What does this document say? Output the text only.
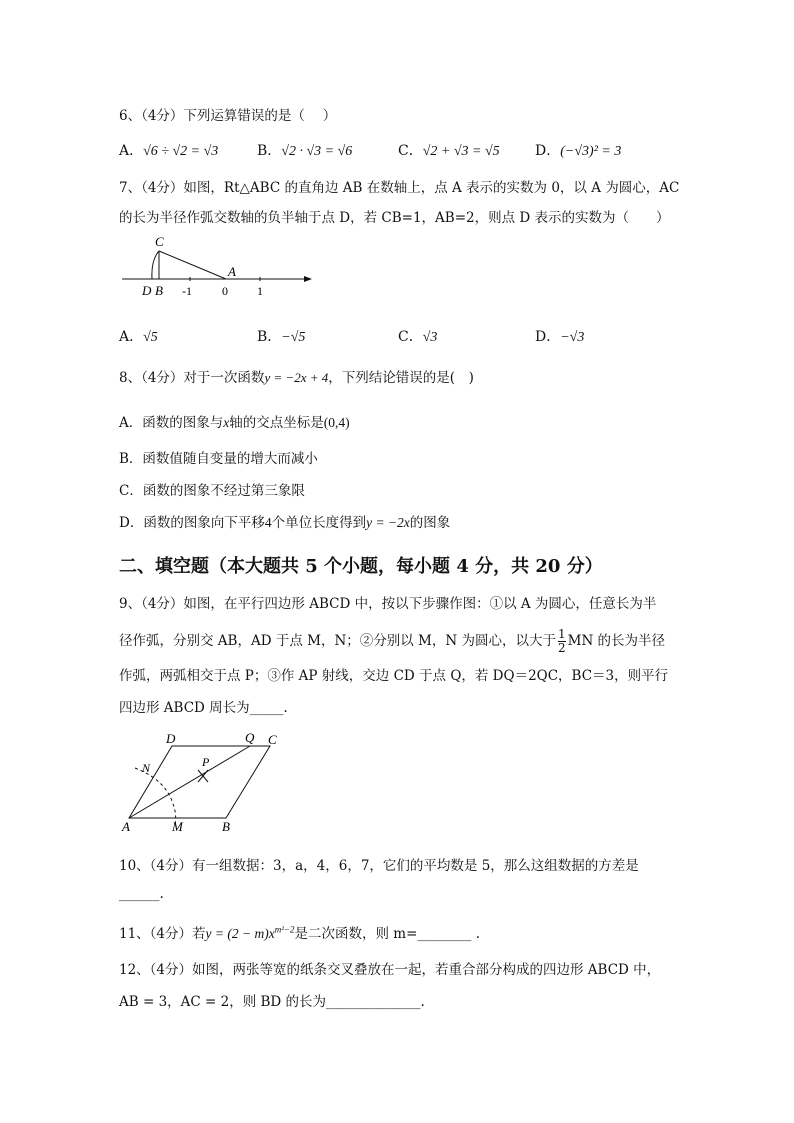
6、（4分）下列运算错误的是（　 ）
A．√6 ÷ √2 = √3	B．√2 · √3 = √6	C．√2 + √3 = √5	D．(−√3)² = 3
7、（4分）如图，Rt△ABC 的直角边 AB 在数轴上，点 A 表示的实数为 0，以 A 为圆心，AC
的长为半径作弧交数轴的负半轴于点 D，若 CB=1，AB=2，则点 D 表示的实数为（　　）
C
A
D B -1	0 1
A．√5	B．−√5	C．√3	D．−√3
8、（4分）对于一次函数y = −2x + 4，下列结论错误的是(　)
A．函数的图象与x轴的交点坐标是(0,4)
B．函数值随自变量的增大而减小
C．函数的图象不经过第三象限
D．函数的图象向下平移4个单位长度得到y = −2x的图象
二、填空题（本大题共 5 个小题，每小题 4 分，共 20 分）
9、（4分）如图，在平行四边形 ABCD 中，按以下步骤作图：①以 A 为圆心，任意长为半
径作弧，分别交 AB，AD 于点 M，N；②分别以 M，N 为圆心，以大于 $\frac{1}{2}$ MN 的长为半径
作弧，两弧相交于点 P；③作 AP 射线，交边 CD 于点 Q，若 DQ＝2QC，BC＝3，则平行
四边形 ABCD 周长为_____.
D	Q C
N	P
A	M	B
10、（4分）有一组数据：3，a，4，6，7，它们的平均数是 5，那么这组数据的方差是
______.
11、（4分）若$y = (2 - m)x^{m^2-2}$是二次函数，则 m=________ .
12、（4分）如图，两张等宽的纸条交叉叠放在一起，若重合部分构成的四边形 ABCD 中，
AB = 3，AC = 2，则 BD 的长为______________.
